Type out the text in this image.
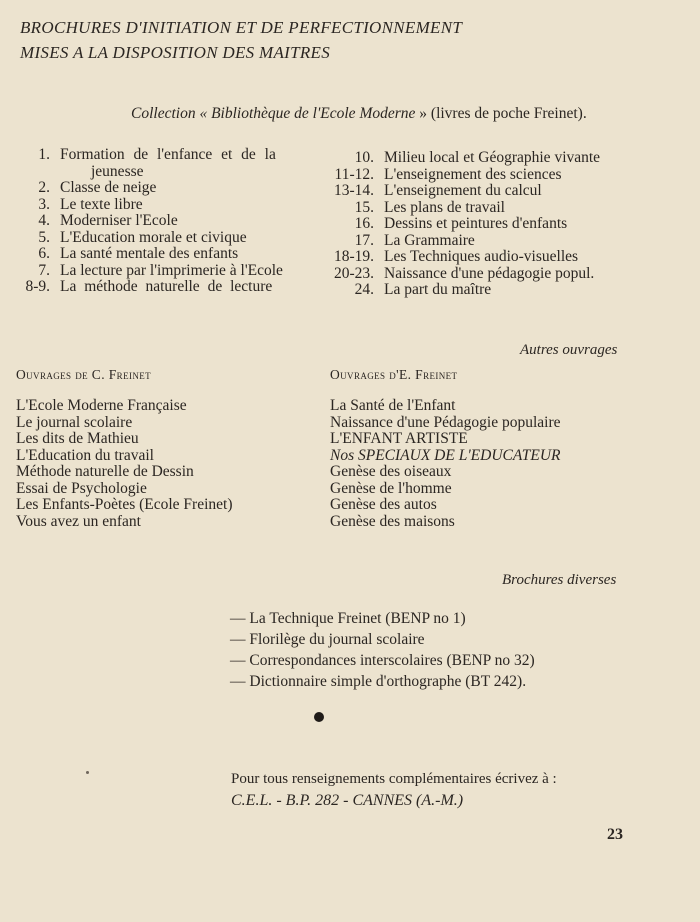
BROCHURES D'INITIATION ET DE PERFECTIONNEMENT
MISES A LA DISPOSITION DES MAITRES
Collection « Bibliothèque de l'Ecole Moderne » (livres de poche Freinet).
1. Formation de l'enfance et de la
jeunesse
2. Classe de neige
3. Le texte libre
4. Moderniser l'Ecole
5. L'Education morale et civique
6. La santé mentale des enfants
7. La lecture par l'imprimerie à l'Ecole
8-9. La méthode naturelle de lecture
10. Milieu local et Géographie vivante
11-12. L'enseignement des sciences
13-14. L'enseignement du calcul
15. Les plans de travail
16. Dessins et peintures d'enfants
17. La Grammaire
18-19. Les Techniques audio-visuelles
20-23. Naissance d'une pédagogie popul.
24. La part du maître
Autres ouvrages
Ouvrages de C. Freinet	Ouvrages d'E. Freinet
L'Ecole Moderne Française
Le journal scolaire
Les dits de Mathieu
L'Education du travail
Méthode naturelle de Dessin
Essai de Psychologie
Les Enfants-Poètes (Ecole Freinet)
Vous avez un enfant
La Santé de l'Enfant
Naissance d'une Pédagogie populaire
L'ENFANT ARTISTE
Nos SPECIAUX DE L'EDUCATEUR
Genèse des oiseaux
Genèse de l'homme
Genèse des autos
Genèse des maisons
Brochures diverses
— La Technique Freinet (BENP no 1)
— Florilège du journal scolaire
— Correspondances interscolaires (BENP no 32)
— Dictionnaire simple d'orthographe (BT 242).
Pour tous renseignements complémentaires écrivez à :
C.E.L. - B.P. 282 - CANNES (A.-M.)
23
